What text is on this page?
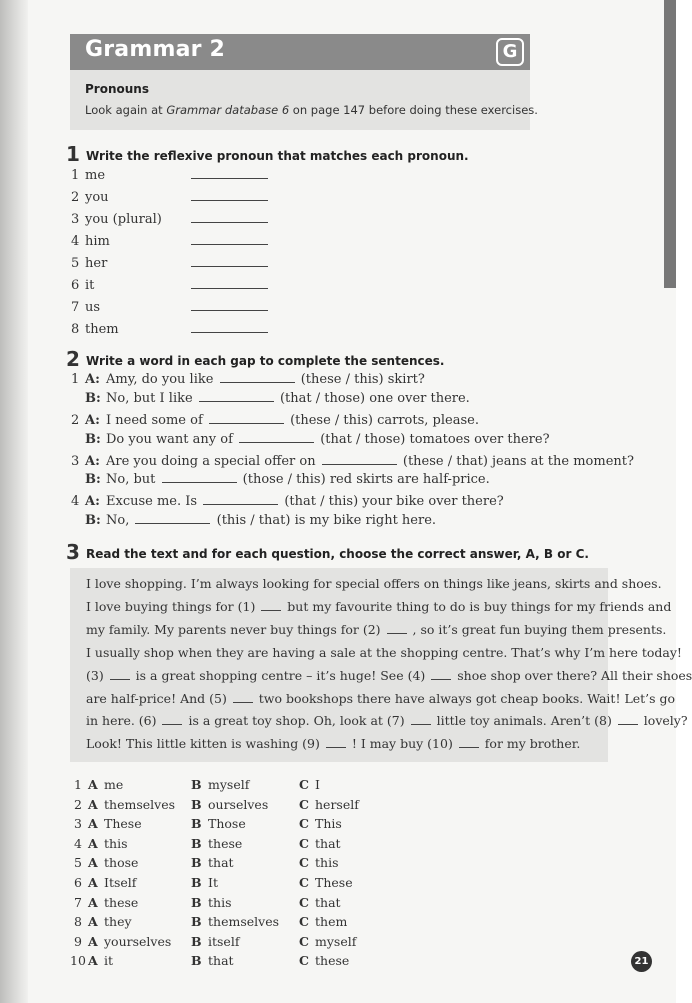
Grammar 2	G
Pronouns
Look again at Grammar database 6 on page 147 before doing these exercises.
1 Write the reflexive pronoun that matches each pronoun.
1 me
2 you
3 you (plural)
4 him
5 her
6 it
7 us
8 them
2 Write a word in each gap to complete the sentences.
1 A: Amy, do you like	(these / this) skirt?
B: No, but I like	(that / those) one over there.
2 A: I need some of	(these / this) carrots, please.
B: Do you want any of	(that / those) tomatoes over there?
3 A: Are you doing a special offer on	(these / that) jeans at the moment?
B: No, but	(those / this) red skirts are half-price.
4 A: Excuse me. Is	(that / this) your bike over there?
B: No,	(this / that) is my bike right here.
3 Read the text and for each question, choose the correct answer, A, B or C.
I love shopping. I’m always looking for special offers on things like jeans, skirts and shoes.
I love buying things for (1)  but my favourite thing to do is buy things for my friends and
my family. My parents never buy things for (2)  , so it’s great fun buying them presents.
I usually shop when they are having a sale at the shopping centre. That’s why I’m here today!
(3)  is a great shopping centre – it’s huge! See (4)  shoe shop over there? All their shoes
are half-price! And (5)  two bookshops there have always got cheap books. Wait! Let’s go
in here. (6)  is a great toy shop. Oh, look at (7)  little toy animals. Aren’t (8)  lovely?
Look! This little kitten is washing (9)  ! I may buy (10)  for my brother.
1 A me	B myself	C I
2 A themselves B ourselves C herself
3 A These	B Those	C This
4 A this	B these	C that
5 A those	B that	C this
6 A Itself	B It	C These
7 A these	B this	C that
8 A they	B themselves C them
9 A yourselves B itself	C myself
10 A it	B that	C these	21
